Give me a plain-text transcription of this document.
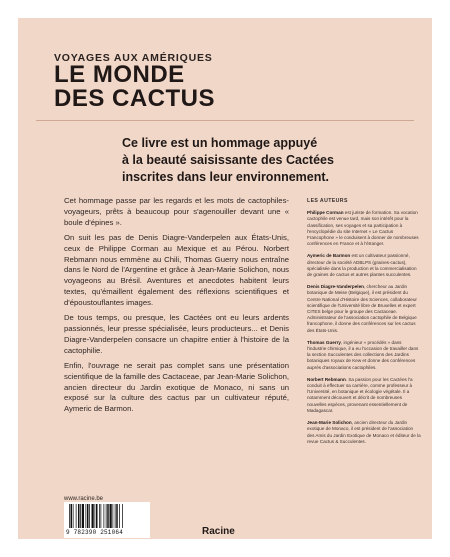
VOYAGES AUX AMÉRIQUES
LE MONDE
DES CACTUS
Ce livre est un hommage appuyé
à la beauté saisissante des Cactées
inscrites dans leur environnement.

Cet hommage passe par les regards et les mots de cactophiles-voyageurs, prêts à beaucoup pour s'agenouiller devant une « boule d'épines ».

On suit les pas de Denis Diagre-Vanderpelen aux États-Unis, ceux de Philippe Corman au Mexique et au Pérou. Norbert Rebmann nous emmène au Chili, Thomas Guerry nous entraîne dans le Nord de l'Argentine et grâce à Jean-Marie Solichon, nous voyageons au Brésil. Aventures et anecdotes habitent leurs textes, qu'émaillent également des réflexions scientifiques et d'époustouflantes images.

De tous temps, ou presque, les Cactées ont eu leurs ardents passionnés, leur presse spécialisée, leurs producteurs... et Denis Diagre-Vanderpelen consacre un chapitre entier à l'histoire de la cactophilie.

Enfin, l'ouvrage ne serait pas complet sans une présentation scientifique de la famille des Cactaceae, par Jean-Marie Solichon, ancien directeur du Jardin exotique de Monaco, ni sans un exposé sur la culture des cactus par un cultivateur réputé, Aymeric de Barmon.

LES AUTEURS

Philippe Corman est juriste de formation. Sa vocation cactophile est venue tard, mais son intérêt pour la classification, ses voyages et sa participation à l'encyclopédie du site Internet « Le Cactus Francophone » le conduisent à donner de nombreuses conférences en France et à l'étranger.

Aymeric de Barmon est un cultivateur passionné, directeur de la société ADBLPS (graines-cactus), spécialisée dans la production et la commercialisation de graines de cactus et autres plantes succulentes.

Denis Diagre-Vanderpelen, chercheur au Jardin botanique de Meise (Belgique), il est président du Centre National d'Histoire des Sciences, collaborateur scientifique de l'Université libre de Bruxelles et expert CITES belge pour le groupe des Cactaceae. Administrateur de l'association cactophile de Belgique francophone, il donne des conférences sur les cactus des États-Unis.

Thomas Guerry, ingénieur « procédés » dans l'industrie chimique, il a eu l'occasion de travailler dans la section Succulentes des collections des Jardins botaniques royaux de Kew et donne des conférences auprès d'associations cactophiles.

Norbert Rebmann. Sa passion pour les Cactées l'a conduit à effectuer sa carrière, comme professeur à l'Université, en botanique et écologie végétale. Il a notamment découvert et décrit de nombreuses nouvelles espèces, provenant essentiellement de Madagascar.

Jean-Marie Solichon, ancien directeur du Jardin exotique de Monaco, il est président de l'association des Amis du Jardin Exotique de Monaco et éditeur de la revue Cactus & Succulentes.

www.racine.be
9 782390 251064	Racine
